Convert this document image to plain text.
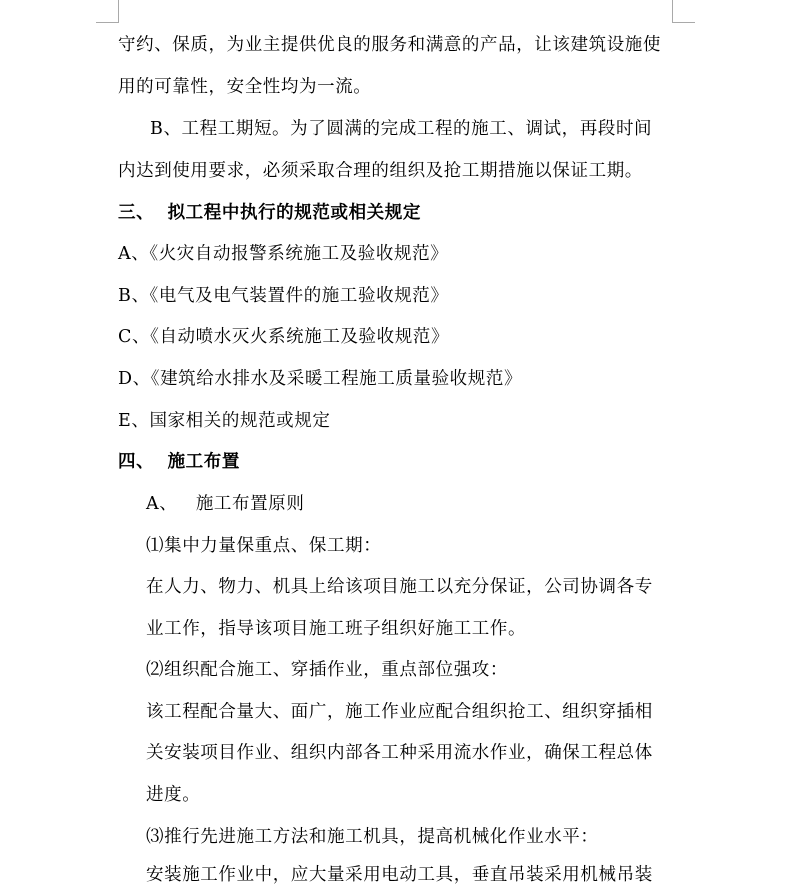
守约、保质，为业主提供优良的服务和满意的产品，让该建筑设施使
用的可靠性，安全性均为一流。
B、工程工期短。为了圆满的完成工程的施工、调试，再段时间
内达到使用要求，必须采取合理的组织及抢工期措施以保证工期。
三、  拟工程中执行的规范或相关规定
A、《火灾自动报警系统施工及验收规范》
B、《电气及电气装置件的施工验收规范》
C、《自动喷水灭火系统施工及验收规范》
D、《建筑给水排水及采暖工程施工质量验收规范》
E、国家相关的规范或规定
四、  施工布置
A、   施工布置原则
⑴集中力量保重点、保工期：
在人力、物力、机具上给该项目施工以充分保证，公司协调各专
业工作，指导该项目施工班子组织好施工工作。
⑵组织配合施工、穿插作业，重点部位强攻：
该工程配合量大、面广，施工作业应配合组织抢工、组织穿插相
关安装项目作业、组织内部各工种采用流水作业，确保工程总体
进度。
⑶推行先进施工方法和施工机具，提高机械化作业水平：
安装施工作业中，应大量采用电动工具，垂直吊装采用机械吊装
